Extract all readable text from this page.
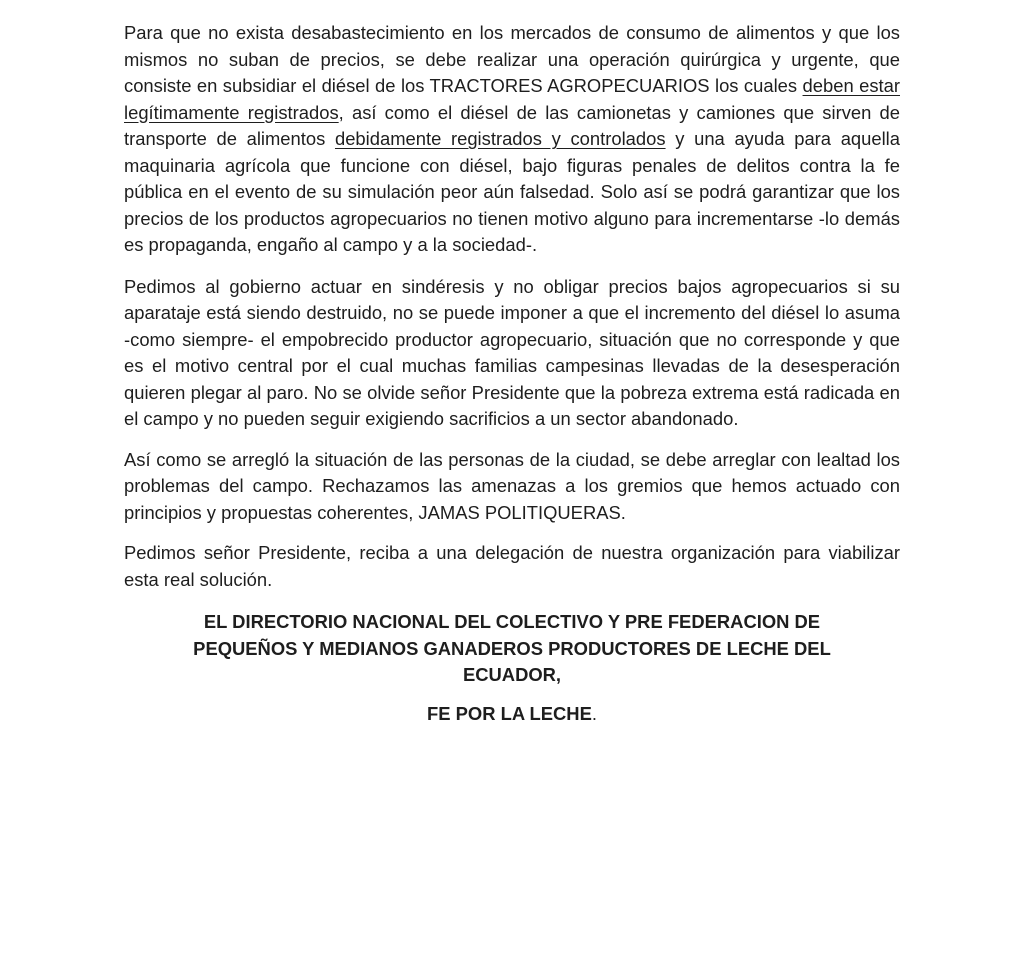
Para que no exista desabastecimiento en los mercados de consumo de alimentos y que los mismos no suban de precios, se debe realizar una operación quirúrgica y urgente, que consiste en subsidiar el diésel de los TRACTORES AGROPECUARIOS los cuales deben estar legítimamente registrados, así como el diésel de las camionetas y camiones que sirven de transporte de alimentos debidamente registrados y controlados y una ayuda para aquella maquinaria agrícola que funcione con diésel, bajo figuras penales de delitos contra la fe pública en el evento de su simulación peor aún falsedad. Solo así se podrá garantizar que los precios de los productos agropecuarios no tienen motivo alguno para incrementarse -lo demás es propaganda, engaño al campo y a la sociedad-.

Pedimos al gobierno actuar en sindéresis y no obligar precios bajos agropecuarios si su aparataje está siendo destruido, no se puede imponer a que el incremento del diésel lo asuma -como siempre- el empobrecido productor agropecuario, situación que no corresponde y que es el motivo central por el cual muchas familias campesinas llevadas de la desesperación quieren plegar al paro. No se olvide señor Presidente que la pobreza extrema está radicada en el campo y no pueden seguir exigiendo sacrificios a un sector abandonado.

Así como se arregló la situación de las personas de la ciudad, se debe arreglar con lealtad los problemas del campo. Rechazamos las amenazas a los gremios que hemos actuado con principios y propuestas coherentes, JAMAS POLITIQUERAS.

Pedimos señor Presidente, reciba a una delegación de nuestra organización para viabilizar esta real solución.

EL DIRECTORIO NACIONAL DEL COLECTIVO Y PRE FEDERACION DE
PEQUEÑOS Y MEDIANOS GANADEROS PRODUCTORES DE LECHE DEL
ECUADOR,
FE POR LA LECHE.
